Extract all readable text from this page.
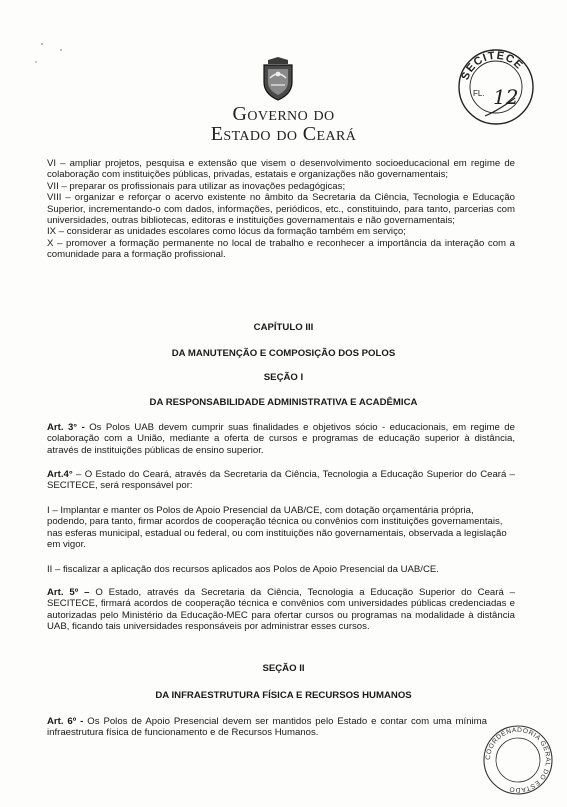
Governo do
Estado do Ceará
SECITECE
FL. 12
COORDENADORIA GERAL DO ESTADO

VI – ampliar projetos, pesquisa e extensão que visem o desenvolvimento socioeducacional em regime de colaboração com instituições públicas, privadas, estatais e organizações não governamentais;

VII – preparar os profissionais para utilizar as inovações pedagógicas;

VIII – organizar e reforçar o acervo existente no âmbito da Secretaria da Ciência, Tecnologia e Educação Superior, incrementando-o com dados, informações, periódicos, etc., constituindo, para tanto, parcerias com universidades, outras bibliotecas, editoras e instituições governamentais e não governamentais;

IX – considerar as unidades escolares como lócus da formação também em serviço;

X – promover a formação permanente no local de trabalho e reconhecer a importância da interação com a comunidade para a formação profissional.

CAPÍTULO III
DA MANUTENÇÃO E COMPOSIÇÃO DOS POLOS
SEÇÃO I
DA RESPONSABILIDADE ADMINISTRATIVA E ACADÊMICA

Art. 3° - Os Polos UAB devem cumprir suas finalidades e objetivos sócio - educacionais, em regime de colaboração com a União, mediante a oferta de cursos e programas de educação superior à distância, através de instituições públicas de ensino superior.

Art.4° – O Estado do Ceará, através da Secretaria da Ciência, Tecnologia a Educação Superior do Ceará – SECITECE, será responsável por:

I – Implantar e manter os Polos de Apoio Presencial da UAB/CE, com dotação orçamentária própria, podendo, para tanto, firmar acordos de cooperação técnica ou convênios com instituições governamentais, nas esferas municipal, estadual ou federal, ou com instituições não governamentais, observada a legislação em vigor.
II – fiscalizar a aplicação dos recursos aplicados aos Polos de Apoio Presencial da UAB/CE.

Art. 5º – O Estado, através da Secretaria da Ciência, Tecnologia a Educação Superior do Ceará – SECITECE, firmará acordos de cooperação técnica e convênios com universidades públicas credenciadas e autorizadas pelo Ministério da Educação-MEC para ofertar cursos ou programas na modalidade à distância UAB, ficando tais universidades responsáveis por administrar esses cursos.

SEÇÃO II
DA INFRAESTRUTURA FÍSICA E RECURSOS HUMANOS

Art. 6º - Os Polos de Apoio Presencial devem ser mantidos pelo Estado e contar com uma mínima infraestrutura física de funcionamento e de Recursos Humanos.
